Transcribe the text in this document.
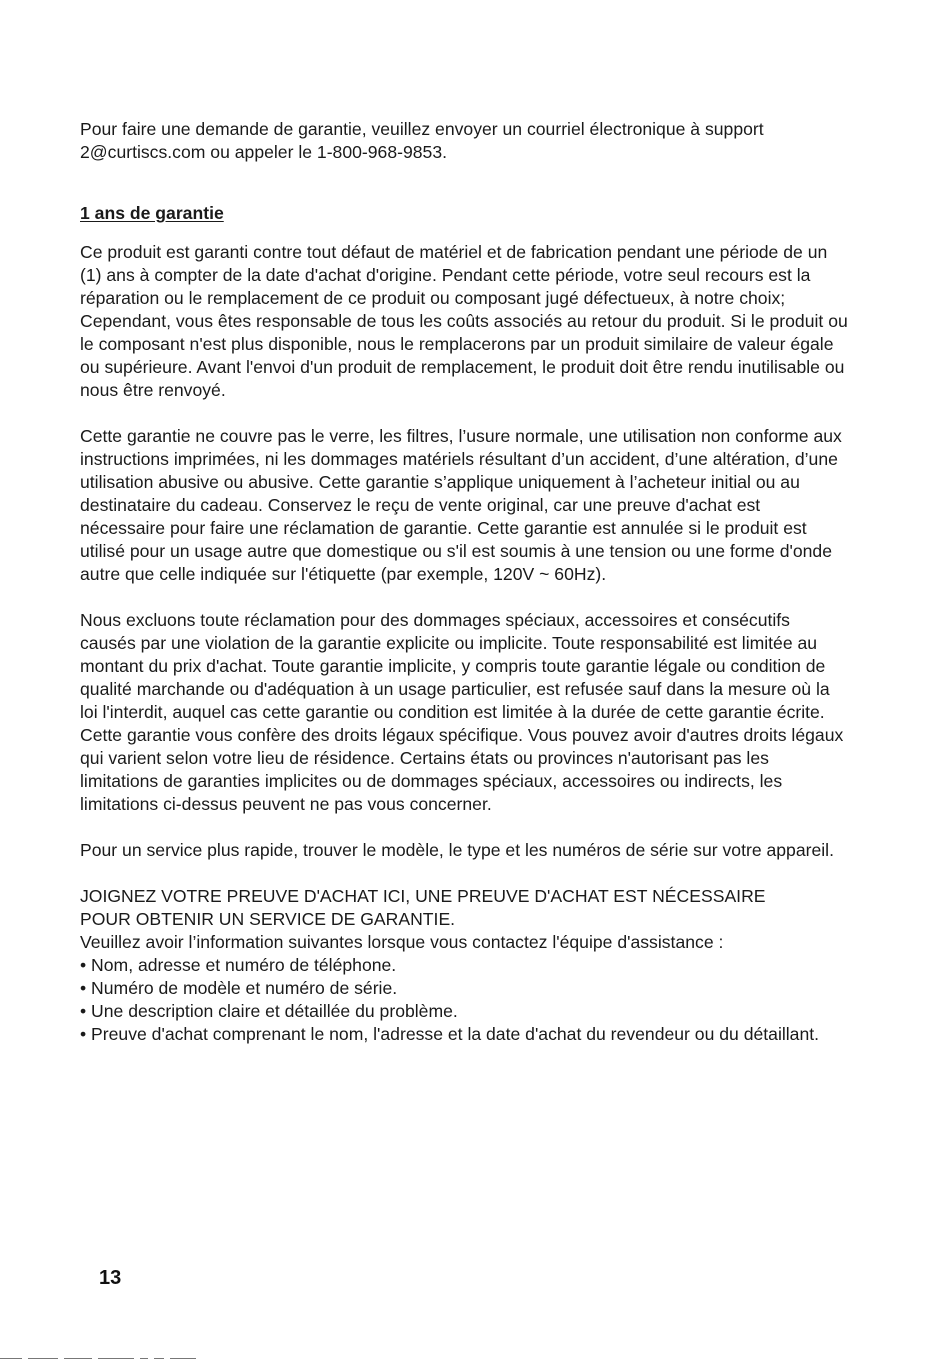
Pour faire une demande de garantie, veuillez envoyer un courriel électronique à support

2@curtiscs.com ou appeler le 1-800-968-9853.

1 ans de garantie

Ce produit est garanti contre tout défaut de matériel et de fabrication pendant une période de un (1) ans à compter de la date d'achat d'origine. Pendant cette période, votre seul recours est la réparation ou le remplacement de ce produit ou composant jugé défectueux, à notre choix; Cependant, vous êtes responsable de tous les coûts associés au retour du produit. Si le produit ou le composant n'est plus disponible, nous le remplacerons par un produit similaire de valeur égale ou supérieure. Avant l'envoi d'un produit de remplacement, le produit doit être rendu inutilisable ou nous être renvoyé.

Cette garantie ne couvre pas le verre, les filtres, l’usure normale, une utilisation non conforme aux instructions imprimées, ni les dommages matériels résultant d’un accident, d’une altération, d’une utilisation abusive ou abusive. Cette garantie s’applique uniquement à l’acheteur initial ou au destinataire du cadeau. Conservez le reçu de vente original, car une preuve d'achat est nécessaire pour faire une réclamation de garantie. Cette garantie est annulée si le produit est utilisé pour un usage autre que domestique ou s'il est soumis à une tension ou une forme d'onde autre que celle indiquée sur l'étiquette (par exemple, 120V ~ 60Hz).

Nous excluons toute réclamation pour des dommages spéciaux, accessoires et consécutifs causés par une violation de la garantie explicite ou implicite. Toute responsabilité est limitée au montant du prix d'achat. Toute garantie implicite, y compris toute garantie légale ou condition de qualité marchande ou d'adéquation à un usage particulier, est refusée sauf dans la mesure où la loi l'interdit, auquel cas cette garantie ou condition est limitée à la durée de cette garantie écrite. Cette garantie vous confère des droits légaux spécifique. Vous pouvez avoir d'autres droits légaux qui varient selon votre lieu de résidence. Certains états ou provinces n'autorisant pas les limitations de garanties implicites ou de dommages spéciaux, accessoires ou indirects, les limitations ci-dessus peuvent ne pas vous concerner.

Pour un service plus rapide, trouver le modèle, le type et les numéros de série sur votre appareil.

JOIGNEZ VOTRE PREUVE D'ACHAT ICI, UNE PREUVE D'ACHAT EST NÉCESSAIRE

POUR OBTENIR UN SERVICE DE GARANTIE.

Veuillez avoir l’information suivantes lorsque vous contactez l'équipe d'assistance :

• Nom, adresse et numéro de téléphone.
• Numéro de modèle et numéro de série.
• Une description claire et détaillée du problème.
• Preuve d'achat comprenant le nom, l'adresse et la date d'achat du revendeur ou du détaillant.
13
